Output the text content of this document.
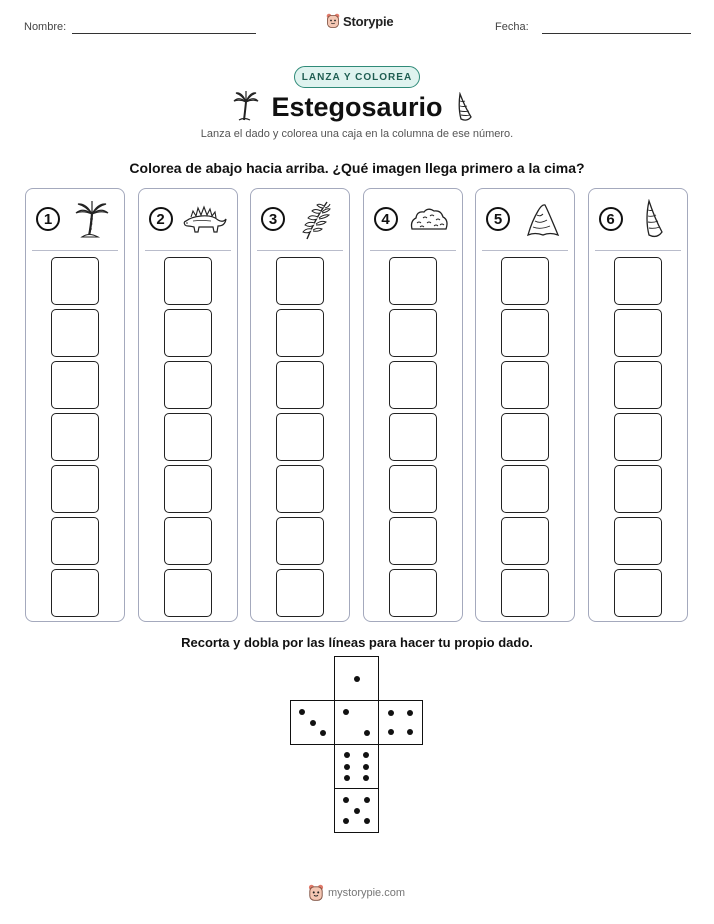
Nombre:	Storypie	Fecha:
LANZA Y COLOREA
Estegosaurio
Lanza el dado y colorea una caja en la columna de ese número.
Colorea de abajo hacia arriba. ¿Qué imagen llega primero a la cima?
1	2	3	4	5	6
Recorta y dobla por las líneas para hacer tu propio dado.
mystorypie.com
